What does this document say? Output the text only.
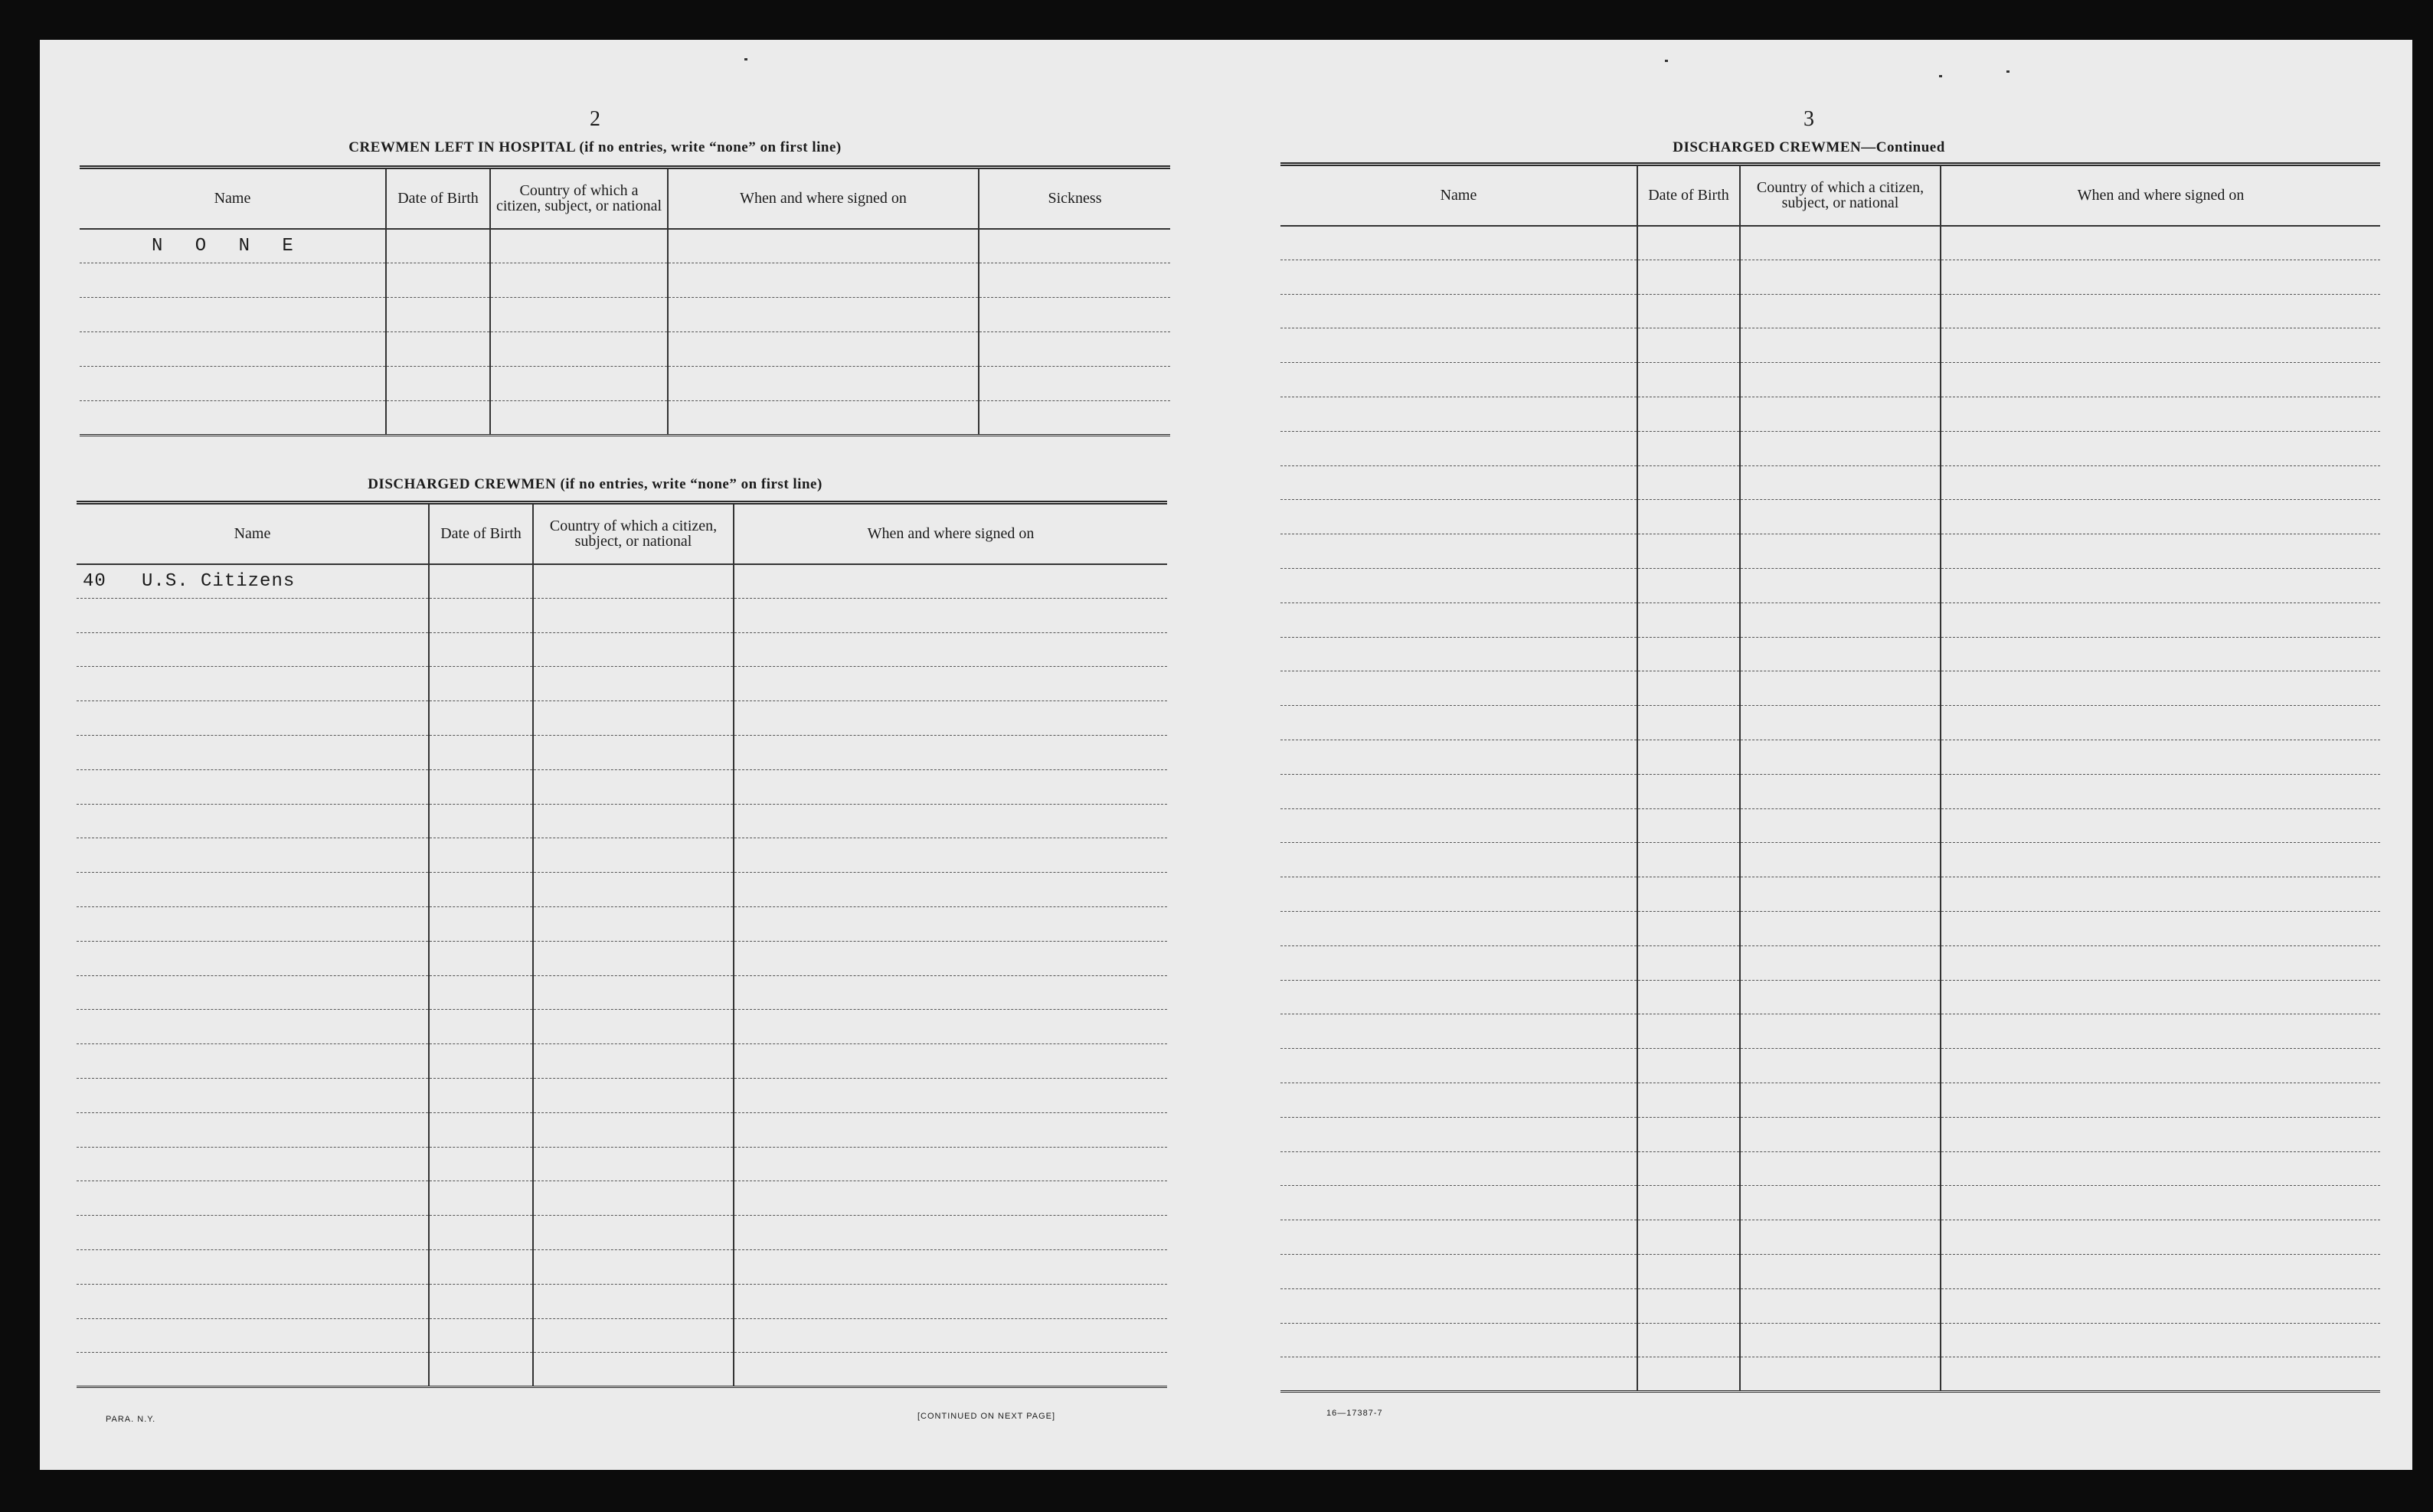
2
CREWMEN LEFT IN HOSPITAL (if no entries, write “none” on first line)
Name	Date of Birth	Country of which a citizen, subject, or national	When and where signed on	Sickness
N O N E				

DISCHARGED CREWMEN (if no entries, write “none” on first line)
Name	Date of Birth	Country of which a citizen, subject, or national	When and where signed on
40   U.S. Citizens			

PARA. N.Y.	[CONTINUED ON NEXT PAGE]
3
DISCHARGED CREWMEN—Continued
Name	Date of Birth	Country of which a citizen, subject, or national	When and where signed on

16—17387-7
